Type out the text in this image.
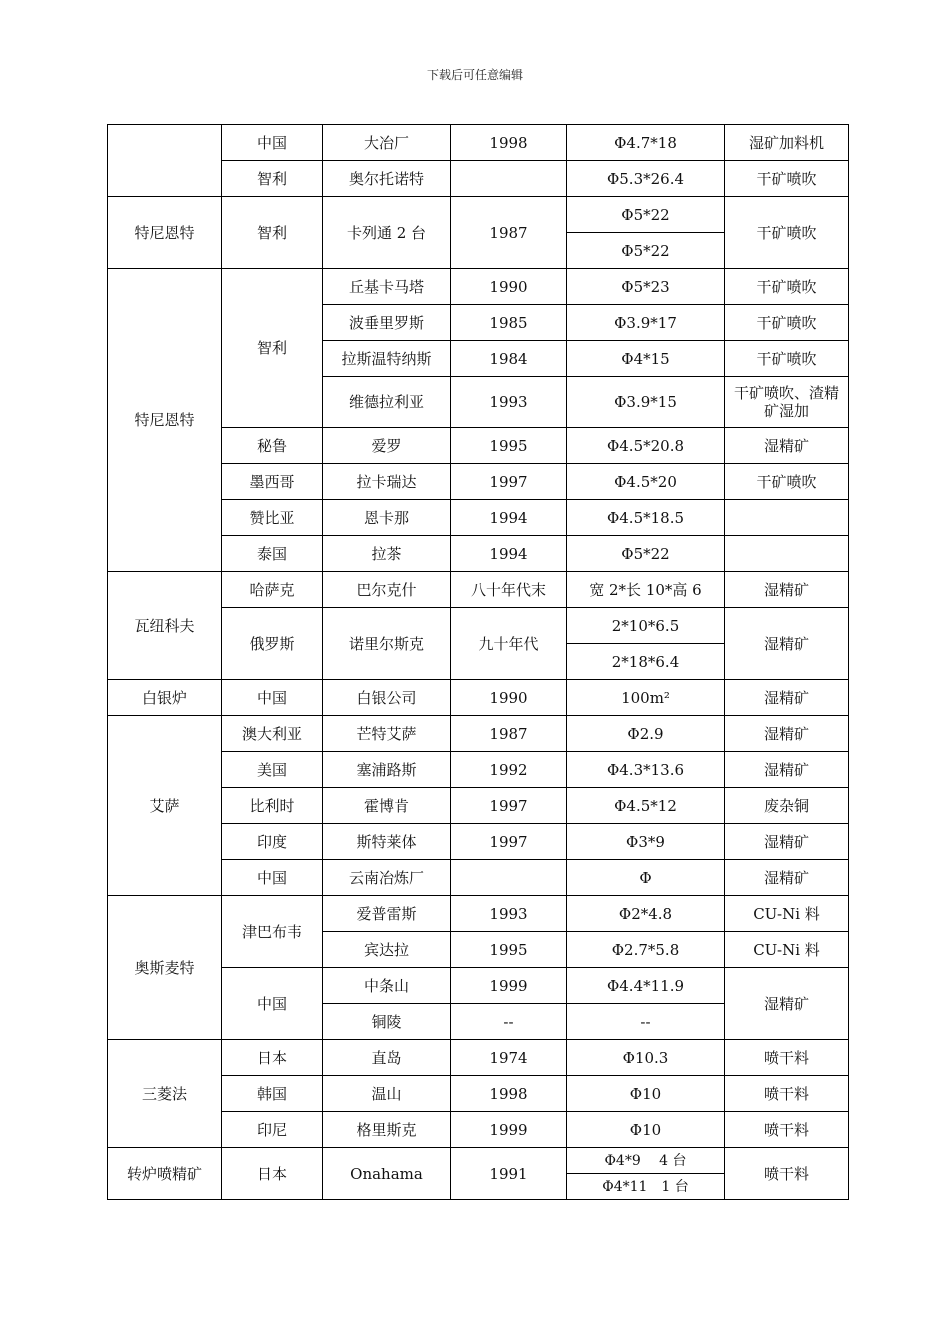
下载后可任意编辑
	中国	大冶厂	1998	Φ4.7*18	湿矿加料机
	智利	奥尔托诺特		Φ5.3*26.4	干矿喷吹
特尼恩特	智利	卡列通 2 台	1987	Φ5*22	干矿喷吹
				Φ5*22	
特尼恩特	智利	丘基卡马塔	1990	Φ5*23	干矿喷吹
		波垂里罗斯	1985	Φ3.9*17	干矿喷吹
		拉斯温特纳斯	1984	Φ4*15	干矿喷吹
		维德拉利亚	1993	Φ3.9*15	干矿喷吹、渣精矿湿加
	秘鲁	爱罗	1995	Φ4.5*20.8	湿精矿
	墨西哥	拉卡瑞达	1997	Φ4.5*20	干矿喷吹
	赞比亚	恩卡那	1994	Φ4.5*18.5	
	泰国	拉茶	1994	Φ5*22	
瓦纽科夫	哈萨克	巴尔克什	八十年代末	宽 2*长 10*高 6	湿精矿
	俄罗斯	诺里尔斯克	九十年代	2*10*6.5	湿精矿
				2*18*6.4	
白银炉	中国	白银公司	1990	100m²	湿精矿
艾萨	澳大利亚	芒特艾萨	1987	Φ2.9	湿精矿
	美国	塞浦路斯	1992	Φ4.3*13.6	湿精矿
	比利时	霍博肯	1997	Φ4.5*12	废杂铜
	印度	斯特莱体	1997	Φ3*9	湿精矿
	中国	云南冶炼厂		Φ	湿精矿
奥斯麦特	津巴布韦	爱普雷斯	1993	Φ2*4.8	CU-Ni 料
		宾达拉	1995	Φ2.7*5.8	CU-Ni 料
	中国	中条山	1999	Φ4.4*11.9	湿精矿
		铜陵	--	--	
三菱法	日本	直岛	1974	Φ10.3	喷干料
	韩国	温山	1998	Φ10	喷干料
	印尼	格里斯克	1999	Φ10	喷干料
转炉喷精矿	日本	Onahama	1991	Φ4*9　 4 台	喷干料
				Φ4*11　1 台	
